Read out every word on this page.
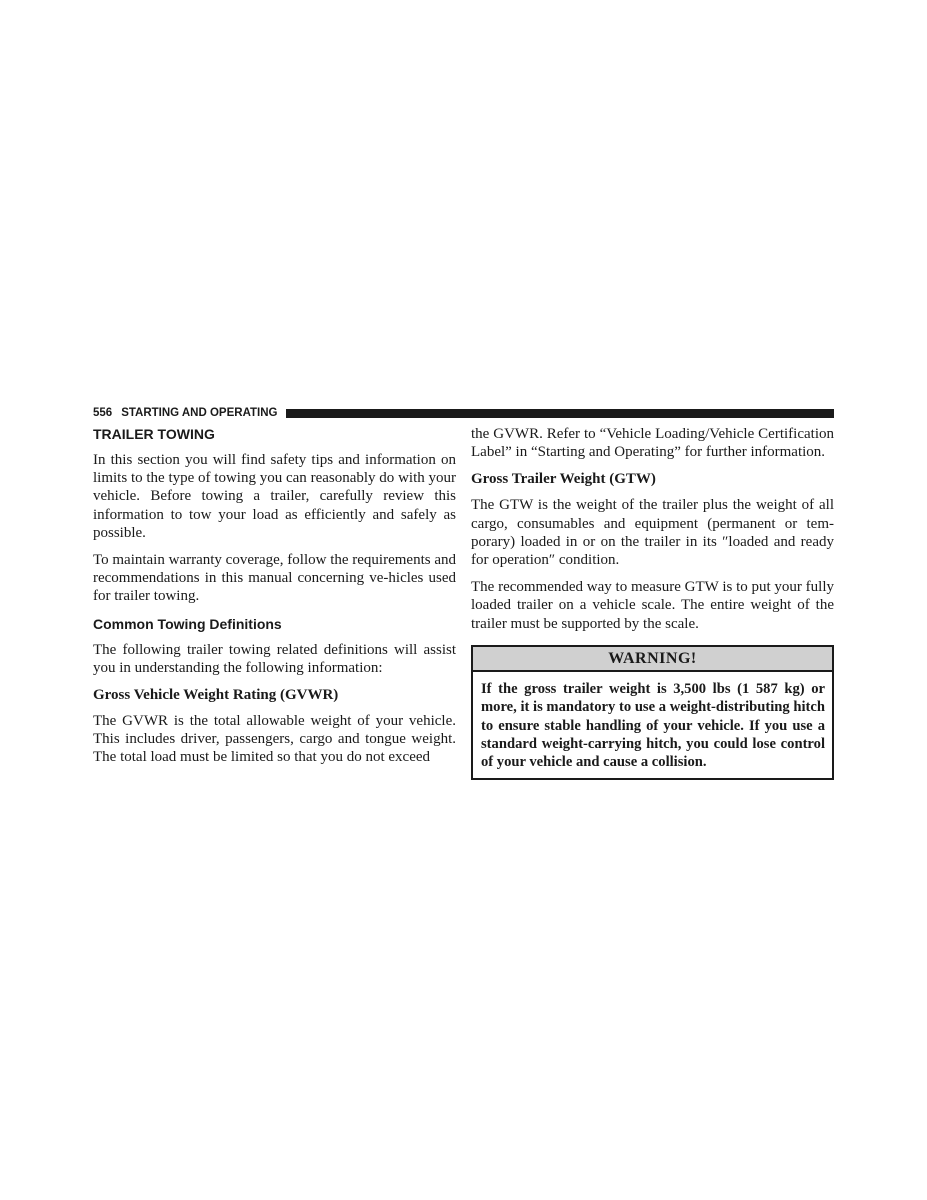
556 STARTING AND OPERATING
TRAILER TOWING

In this section you will find safety tips and information on limits to the type of towing you can reasonably do with your vehicle. Before towing a trailer, carefully review this information to tow your load as efficiently and safely as possible.

To maintain warranty coverage, follow the requirements and recommendations in this manual concerning ve-hicles used for trailer towing.

Common Towing Definitions

The following trailer towing related definitions will assist you in understanding the following information:

Gross Vehicle Weight Rating (GVWR)

The GVWR is the total allowable weight of your vehicle. This includes driver, passengers, cargo and tongue weight. The total load must be limited so that you do not exceed

the GVWR. Refer to “Vehicle Loading/Vehicle Certification Label” in “Starting and Operating” for further information.

Gross Trailer Weight (GTW)

The GTW is the weight of the trailer plus the weight of all cargo, consumables and equipment (permanent or tem-porary) loaded in or on the trailer in its ″loaded and ready for operation″ condition.

The recommended way to measure GTW is to put your fully loaded trailer on a vehicle scale. The entire weight of the trailer must be supported by the scale.

WARNING!
If the gross trailer weight is 3,500 lbs (1 587 kg) or more, it is mandatory to use a weight-distributing hitch to ensure stable handling of your vehicle. If you use a standard weight-carrying hitch, you could lose control of your vehicle and cause a collision.
